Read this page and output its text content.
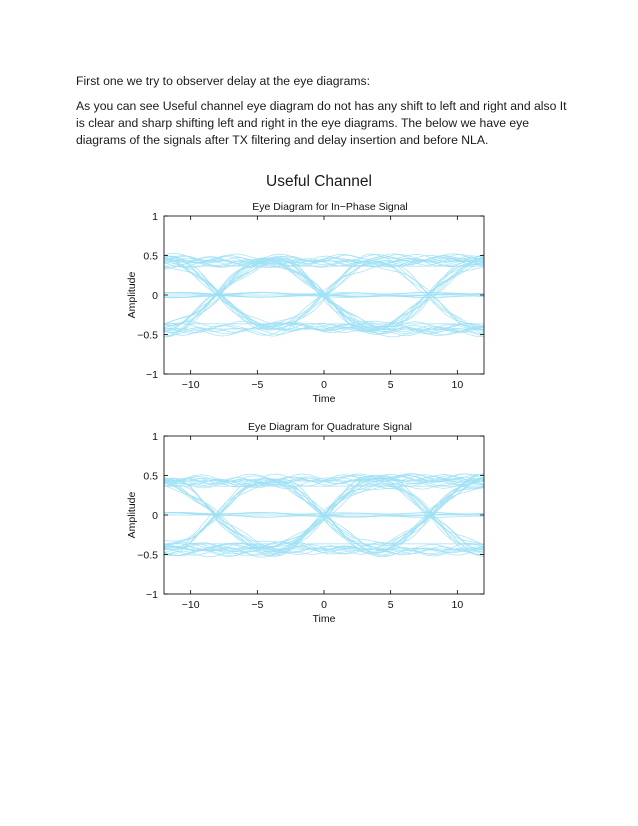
First one we try to observer delay at the eye diagrams:

As you can see Useful channel eye diagram do not has any shift to left and right and also It is clear and sharp shifting left and right in the eye diagrams. The below we have eye diagrams of the signals after TX filtering and delay insertion and before NLA.

Useful Channel
Eye Diagram for In−Phase Signal
−10	−5	0	5	10
1
0.5
0
−0.5
−1
Time
Amplitude
Eye Diagram for Quadrature Signal
−10	−5	0	5	10
1
0.5
0
−0.5
−1
Time
Amplitude
